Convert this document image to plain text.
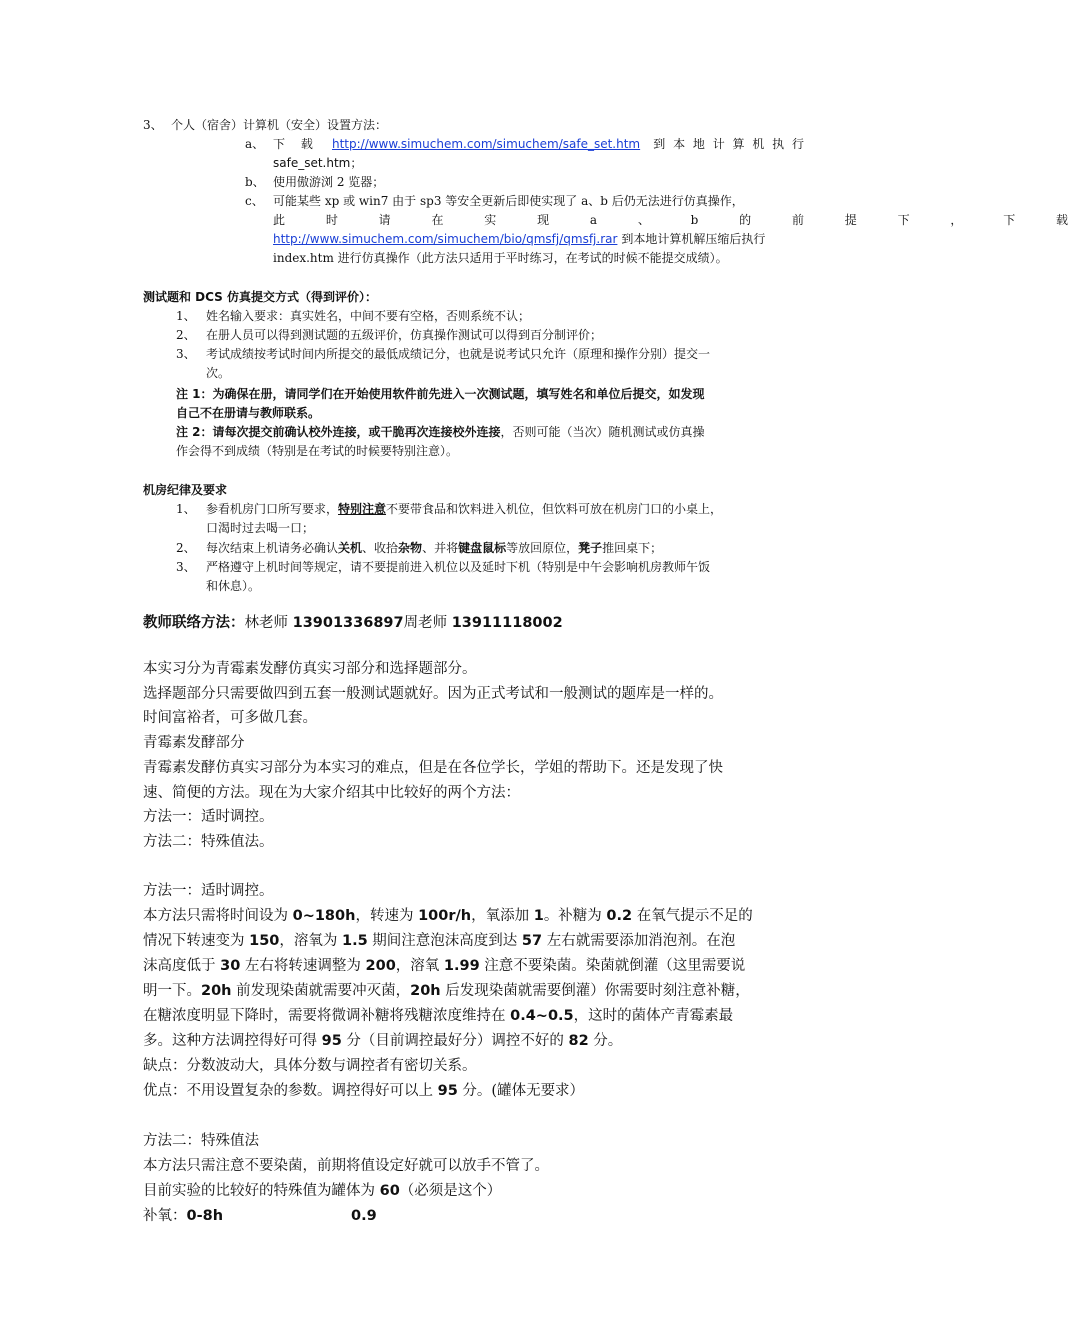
3、 个人（宿舍）计算机（安全）设置方法：
a、 下 载 http://www.simuchem.com/simuchem/safe_set.htm 到 本 地 计 算 机 执 行
safe_set.htm；
b、 使用傲游浏 2 览器；
c、 可能某些 xp 或 win7 由于 sp3 等安全更新后即使实现了 a、b 后仍无法进行仿真操作，
此 时 请 在 实 现 a 、 b 的 前 提 下 ， 下 载
http://www.simuchem.com/simuchem/bio/qmsfj/qmsfj.rar 到本地计算机解压缩后执行
index.htm 进行仿真操作（此方法只适用于平时练习，在考试的时候不能提交成绩）。
测试题和 DCS 仿真提交方式（得到评价）：
1、 姓名输入要求：真实姓名，中间不要有空格，否则系统不认；
2、 在册人员可以得到测试题的五级评价，仿真操作测试可以得到百分制评价；
3、 考试成绩按考试时间内所提交的最低成绩记分，也就是说考试只允许（原理和操作分别）提交一
次。
注 1：为确保在册，请同学们在开始使用软件前先进入一次测试题，填写姓名和单位后提交，如发现
自己不在册请与教师联系。
注 2：请每次提交前确认校外连接，或干脆再次连接校外连接，否则可能（当次）随机测试或仿真操
作会得不到成绩（特别是在考试的时候要特别注意）。
机房纪律及要求
1、 参看机房门口所写要求，特别注意不要带食品和饮料进入机位，但饮料可放在机房门口的小桌上，
口渴时过去喝一口；
2、 每次结束上机请务必确认关机、收拾杂物、并将键盘鼠标等放回原位，凳子推回桌下；
3、 严格遵守上机时间等规定，请不要提前进入机位以及延时下机（特别是中午会影响机房教师午饭
和休息）。
教师联络方法：林老师 13901336897周老师 13911118002
本实习分为青霉素发酵仿真实习部分和选择题部分。
选择题部分只需要做四到五套一般测试题就好。因为正式考试和一般测试的题库是一样的。
时间富裕者，可多做几套。
青霉素发酵部分
青霉素发酵仿真实习部分为本实习的难点，但是在各位学长，学姐的帮助下。还是发现了快
速、简便的方法。现在为大家介绍其中比较好的两个方法：
方法一：适时调控。
方法二：特殊值法。
方法一：适时调控。
本方法只需将时间设为 0~180h，转速为 100r/h，氧添加 1。补糖为 0.2 在氧气提示不足的
情况下转速变为 150，溶氧为 1.5 期间注意泡沫高度到达 57 左右就需要添加消泡剂。在泡
沫高度低于 30 左右将转速调整为 200，溶氧 1.99 注意不要染菌。染菌就倒灌（这里需要说
明一下。20h 前发现染菌就需要冲灭菌，20h 后发现染菌就需要倒灌）你需要时刻注意补糖，
在糖浓度明显下降时，需要将微调补糖将残糖浓度维持在 0.4~0.5，这时的菌体产青霉素最
多。这种方法调控得好可得 95 分（目前调控最好分）调控不好的 82 分。
缺点：分数波动大，具体分数与调控者有密切关系。
优点：不用设置复杂的参数。调控得好可以上 95 分。(罐体无要求）
方法二：特殊值法
本方法只需注意不要染菌，前期将值设定好就可以放手不管了。
目前实验的比较好的特殊值为罐体为 60（必须是这个）
补氧：0-8h	0.9
